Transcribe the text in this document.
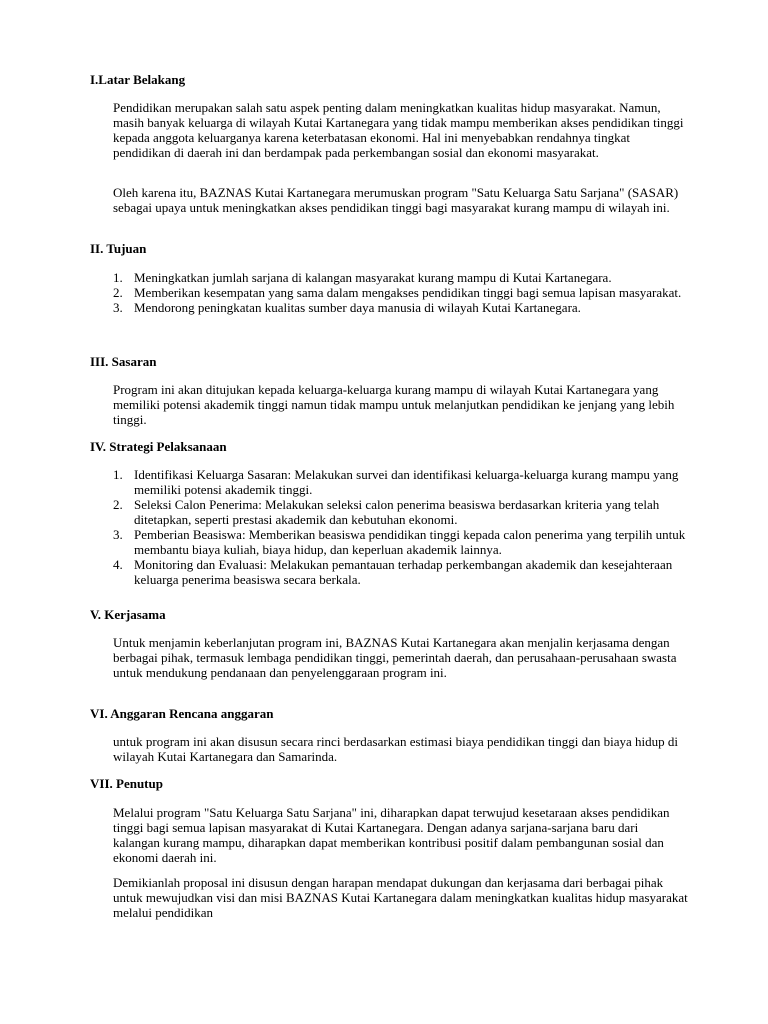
I.Latar Belakang

Pendidikan merupakan salah satu aspek penting dalam meningkatkan kualitas hidup masyarakat. Namun, masih banyak keluarga di wilayah Kutai Kartanegara yang tidak mampu memberikan akses pendidikan tinggi kepada anggota keluarganya karena keterbatasan ekonomi. Hal ini menyebabkan rendahnya tingkat pendidikan di daerah ini dan berdampak pada perkembangan sosial dan ekonomi masyarakat.

Oleh karena itu, BAZNAS Kutai Kartanegara merumuskan program "Satu Keluarga Satu Sarjana" (SASAR) sebagai upaya untuk meningkatkan akses pendidikan tinggi bagi masyarakat kurang mampu di wilayah ini.

II. Tujuan
1. Meningkatkan jumlah sarjana di kalangan masyarakat kurang mampu di Kutai Kartanegara.
2. Memberikan kesempatan yang sama dalam mengakses pendidikan tinggi bagi semua lapisan masyarakat.
3. Mendorong peningkatan kualitas sumber daya manusia di wilayah Kutai Kartanegara.
III. Sasaran

Program ini akan ditujukan kepada keluarga-keluarga kurang mampu di wilayah Kutai Kartanegara yang memiliki potensi akademik tinggi namun tidak mampu untuk melanjutkan pendidikan ke jenjang yang lebih tinggi.

IV. Strategi Pelaksanaan
1. Identifikasi Keluarga Sasaran: Melakukan survei dan identifikasi keluarga-keluarga kurang mampu yang memiliki potensi akademik tinggi.
2. Seleksi Calon Penerima: Melakukan seleksi calon penerima beasiswa berdasarkan kriteria yang telah ditetapkan, seperti prestasi akademik dan kebutuhan ekonomi.
3. Pemberian Beasiswa: Memberikan beasiswa pendidikan tinggi kepada calon penerima yang terpilih untuk membantu biaya kuliah, biaya hidup, dan keperluan akademik lainnya.
4. Monitoring dan Evaluasi: Melakukan pemantauan terhadap perkembangan akademik dan kesejahteraan keluarga penerima beasiswa secara berkala.
V. Kerjasama

Untuk menjamin keberlanjutan program ini, BAZNAS Kutai Kartanegara akan menjalin kerjasama dengan berbagai pihak, termasuk lembaga pendidikan tinggi, pemerintah daerah, dan perusahaan-perusahaan swasta untuk mendukung pendanaan dan penyelenggaraan program ini.

VI. Anggaran Rencana anggaran

untuk program ini akan disusun secara rinci berdasarkan estimasi biaya pendidikan tinggi dan biaya hidup di wilayah Kutai Kartanegara dan Samarinda.

VII. Penutup

Melalui program "Satu Keluarga Satu Sarjana" ini, diharapkan dapat terwujud kesetaraan akses pendidikan tinggi bagi semua lapisan masyarakat di Kutai Kartanegara. Dengan adanya sarjana-sarjana baru dari kalangan kurang mampu, diharapkan dapat memberikan kontribusi positif dalam pembangunan sosial dan ekonomi daerah ini.

Demikianlah proposal ini disusun dengan harapan mendapat dukungan dan kerjasama dari berbagai pihak untuk mewujudkan visi dan misi BAZNAS Kutai Kartanegara dalam meningkatkan kualitas hidup masyarakat melalui pendidikan
